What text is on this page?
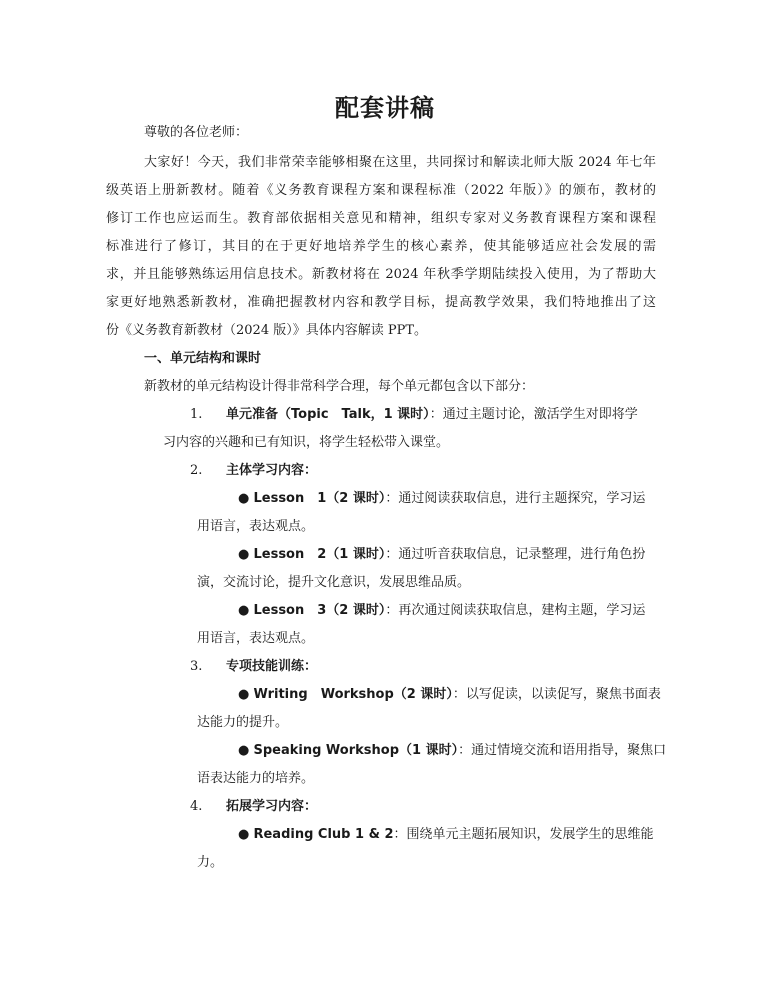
配套讲稿
尊敬的各位老师：
大家好！今天，我们非常荣幸能够相聚在这里，共同探讨和解读北师大版 2024 年七年
级英语上册新教材。随着《义务教育课程方案和课程标准（2022 年版）》的颁布，教材的
修订工作也应运而生。教育部依据相关意见和精神，组织专家对义务教育课程方案和课程
标准进行了修订，其目的在于更好地培养学生的核心素养，使其能够适应社会发展的需
求，并且能够熟练运用信息技术。新教材将在 2024 年秋季学期陆续投入使用，为了帮助大
家更好地熟悉新教材，准确把握教材内容和教学目标，提高教学效果，我们特地推出了这
份《义务教育新教材（2024 版）》具体内容解读 PPT。
一、单元结构和课时
新教材的单元结构设计得非常科学合理，每个单元都包含以下部分：
1. 单元准备（Topic　Talk，1 课时）：通过主题讨论，激活学生对即将学
习内容的兴趣和已有知识，将学生轻松带入课堂。
2. 主体学习内容：
● Lesson　1（2 课时）：通过阅读获取信息，进行主题探究，学习运
用语言，表达观点。
● Lesson　2（1 课时）：通过听音获取信息，记录整理，进行角色扮
演，交流讨论，提升文化意识，发展思维品质。
● Lesson　3（2 课时）：再次通过阅读获取信息，建构主题，学习运
用语言，表达观点。
3. 专项技能训练：
● Writing　Workshop（2 课时）：以写促读，以读促写，聚焦书面表
达能力的提升。
● Speaking Workshop（1 课时）：通过情境交流和语用指导，聚焦口
语表达能力的培养。
4. 拓展学习内容：
● Reading Club 1 & 2：围绕单元主题拓展知识，发展学生的思维能
力。
